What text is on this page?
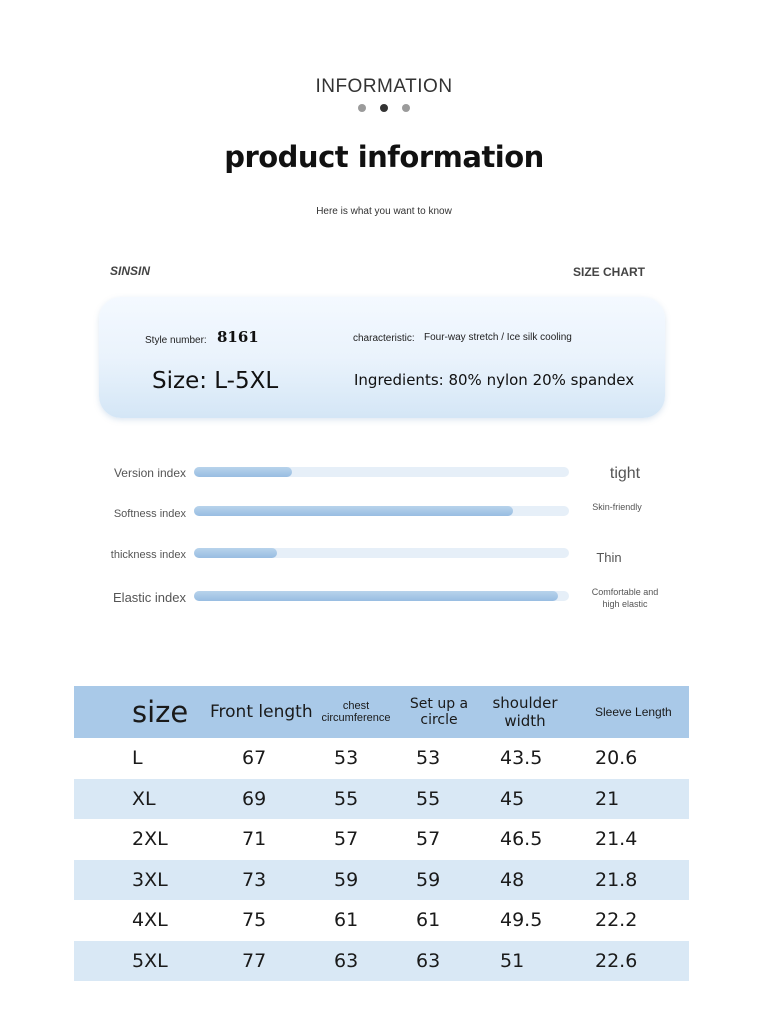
INFORMATION
product information
Here is what you want to know
SINSIN	SIZE CHART
Style number: 8161	characteristic: Four-way stretch / Ice silk cooling
Size: L-5XL	Ingredients: 80% nylon 20% spandex
Version index	tight
Softness index
Skin-friendly
thickness index	Thin
Elastic index	Comfortable and high elastic
size	Front length	chest circumference	Set up a circle	shoulder width	Sleeve Length
L	67	53	53	43.5	20.6
XL	69	55	55	45	21
2XL	71	57	57	46.5	21.4
3XL	73	59	59	48	21.8
4XL	75	61	61	49.5	22.2
5XL	77	63	63	51	22.6
